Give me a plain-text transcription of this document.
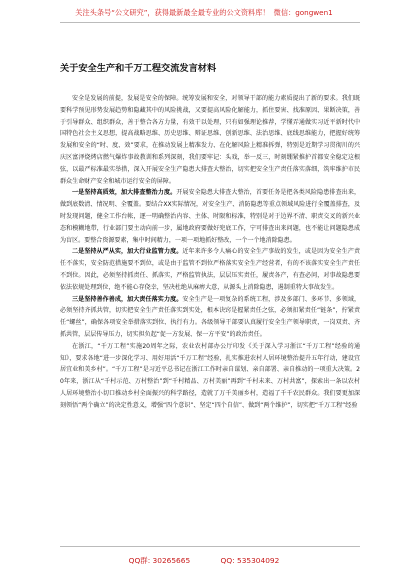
关注头条号“公文研究”，获得最新最全最专业的公文资料库！ 微信：gongwen1
关于安全生产和千万工程交流发言材料

安全是发展的前提，发展是安全的保障。统筹发展和安全，对领导干部的能力素质提出了新的要求。我们既要科学预见形势发展趋势和隐藏其中的风险挑战，又要提高风险化解能力，抓住要害、找准原因、果断决策，善于引导群众、组织群众，善于整合各方力量，有效干以处理，只有如强理论推荐，学懂弄通做实习近平新时代中国特色社会主义思想，提高战略思维、历史思维、辩证思维、创新思维、法治思维、底线思维能力，把握好统筹发展和安全的“时、度、效”要求，在推动发展上精准发力、在化解风险上精准拆弹，特别是近期学习贯彻川的兴庆区富泽烧烤店燃气爆炸事故教训和系列深刻，我们要牢记：头戏，举一反三，时刻绷紧推护首都安全稳定这根弦，以最严标准最实举措，深入开展安全生产隐患大排查大整治，切实把安全生产责任落实落细，筑牢维护市民群众生命财产安全和城市运行安全的屏障。

一是坚持高质效，加大排查整治力度。开展安全隐患大排查大整治，首要任务是把各类风险隐患排查出来，做到底数清、情况明、全覆盖。要结合XX实际情况，对安全生产、消防隐患等重点领域风险进行全覆盖排查，及时发现问题，健全工作台帐，逐一明确整治内容、主体、时限和标准，特别是对于边界不清、职责交叉的新兴业态和模糊地带，行业部门要主动向前一步，属地政府要做好兜底工作，宁可排查出来问题，也不能让问题隐患成为盲区。要整合资源要素，集中时间精力，一项一项地抓好整改，一个一个地消除隐患。

二是坚持从严从实，加大行业监管力度。近年来许多令人痛心的安全生产事故的发生，或是因为安全生产责任不落实，安全防范措施要不到位，或是由于监管不到位严格落实安全生产经营者，有的不该落实安全生产责任不到位。因此，必须坚持抓责任、抓落实，严格监管执法，层层压实责任，履责各产，有查必问，对事故隐患要依法依规处理到位，绝不能心存侥幸，坚决杜绝从麻痹大意，从源头上消除隐患，遏制重特大事故发生。

三是坚持善作善成，加大责任落实力度。安全生产是一项复杂的系统工程，涉及多部门、多环节、多领域，必须坚持齐抓共管，切实把安全生产责任落实到实处，根本诀窍是握紧责任之弦，必须扣紧责任“链条”，拧紧责任“螺丝”，确保各项安全举措落实到位、执行有力。各级领导干部要认真履行安全生产领导职责，一岗双责、齐抓共管，层层传导压力，切实担负起“促一方发展、保一方平安”的政治责任。

在浙江，“千万工程”实施20周年之际，农业农村部办公厅印发《关于深入学习浙江“千万工程”经验的通知》，要求各地“进一步深化学习、用好用活“千万工程”经验，扎实推进农村人居环境整治提升五年行动，建设宜居宜业和美乡村”。“千万工程”是习近平总书记在浙江工作时亲自谋划、亲自部署、亲自推动的一项重大决策。20年来，浙江从“千村示范、万村整治”到“千村精品、万村美丽”再到“千村未来、万村共富”，探索出一条以农村人居环境整治小切口推动乡村全面振兴的科学路径，造就了万千美丽乡村，造福了千千农民群众。我们要更加深刻领悟“两个确立”的决定性意义，增强“四个意识”、坚定“四个自信”、做到“两个维护”，切实把“千万工程”经验

QQ群: 30265665	QQ: 535304092
